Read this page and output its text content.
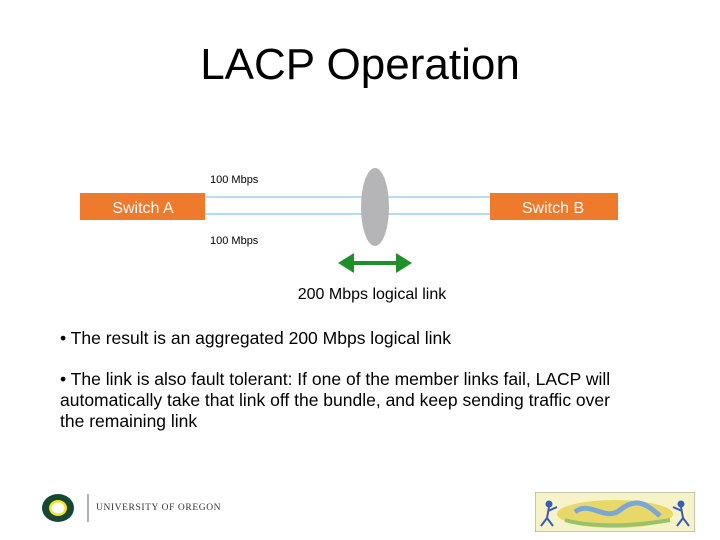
LACP Operation
Switch A	Switch B
100 Mbps
100 Mbps
200 Mbps logical link
• The result is an aggregated 200 Mbps logical link
• The link is also fault tolerant: If one of the member links fail, LACP will
automatically take that link off the bundle, and keep sending traffic over
the remaining link
UNIVERSITY OF OREGON
